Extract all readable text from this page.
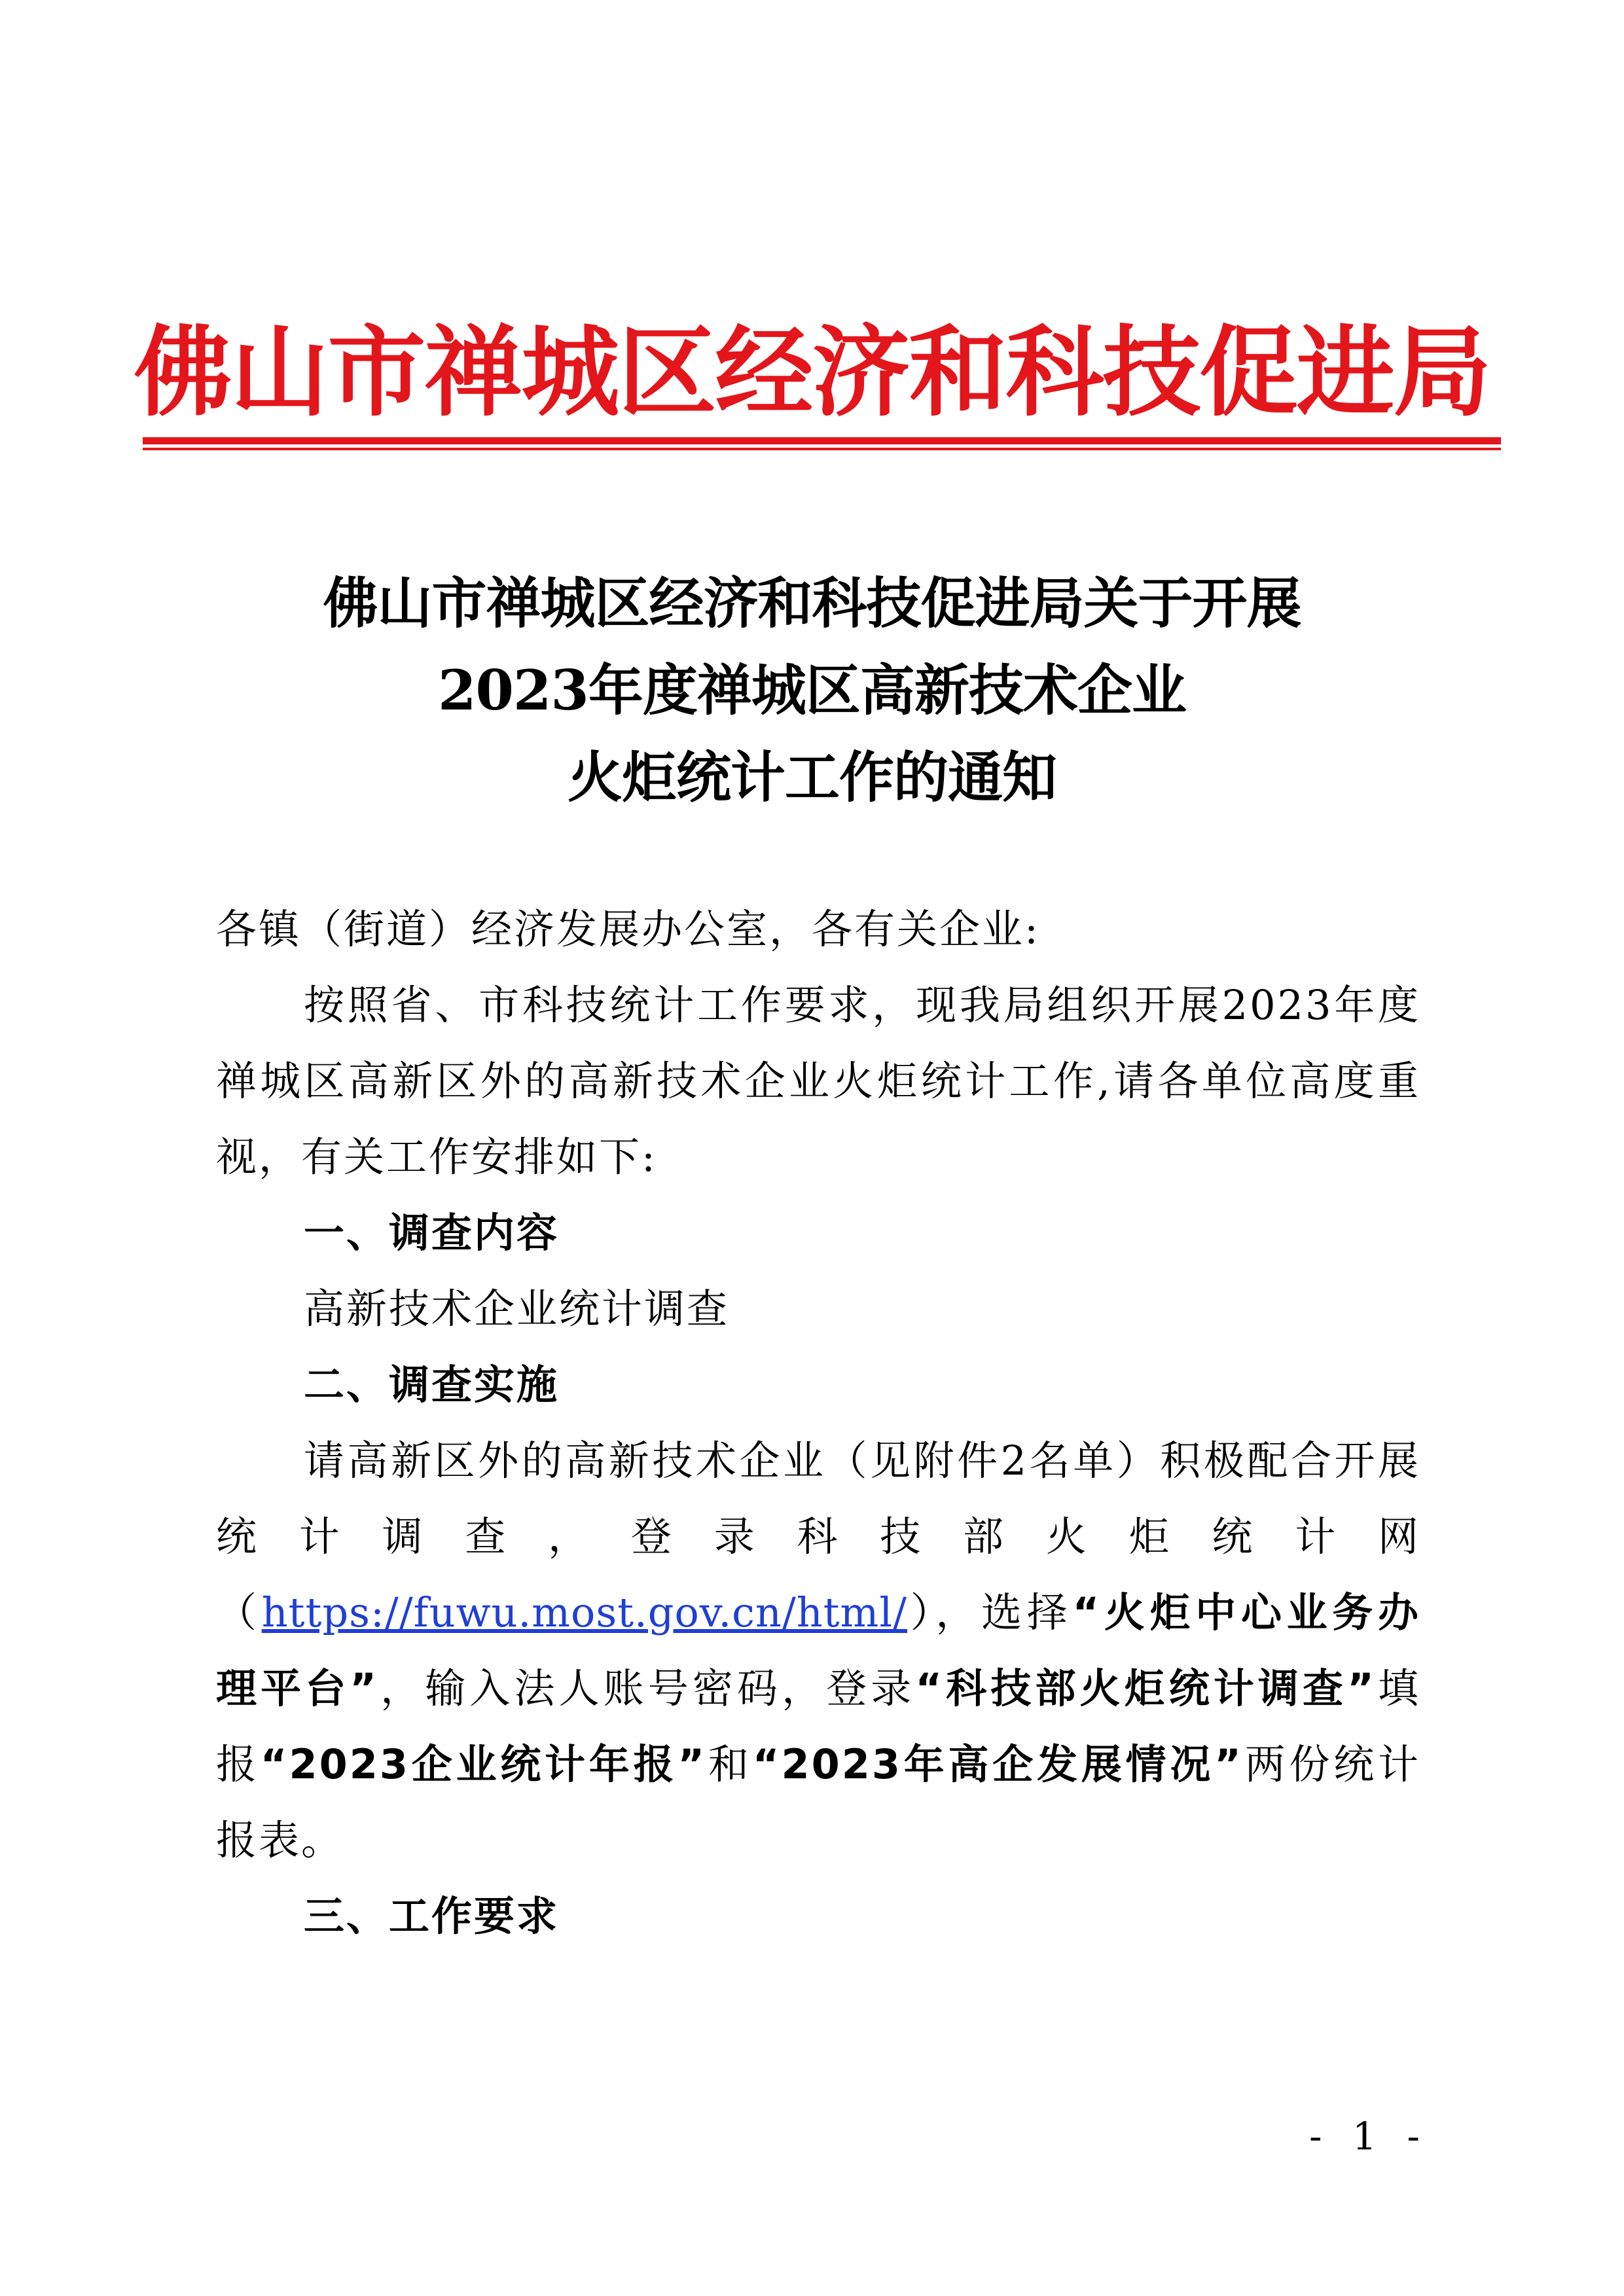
佛山市禅城区经济和科技促进局
佛山市禅城区经济和科技促进局关于开展
2023年度禅城区高新技术企业
火炬统计工作的通知

各镇（街道）经济发展办公室，各有关企业:

按照省、市科技统计工作要求，现我局组织开展2023年度禅城区高新区外的高新技术企业火炬统计工作,请各单位高度重视，有关工作安排如下:

一、调查内容

高新技术企业统计调查

二、调查实施

请高新区外的高新技术企业（见附件2名单）积极配合开展统计调查，登录科技部火炬统计网（https://fuwu.most.gov.cn/html/），选择“火炬中心业务办理平台”，输入法人账号密码，登录“科技部火炬统计调查”填报“2023企业统计年报”和“2023年高企发展情况”两份统计报表。

三、工作要求

- 1 -
